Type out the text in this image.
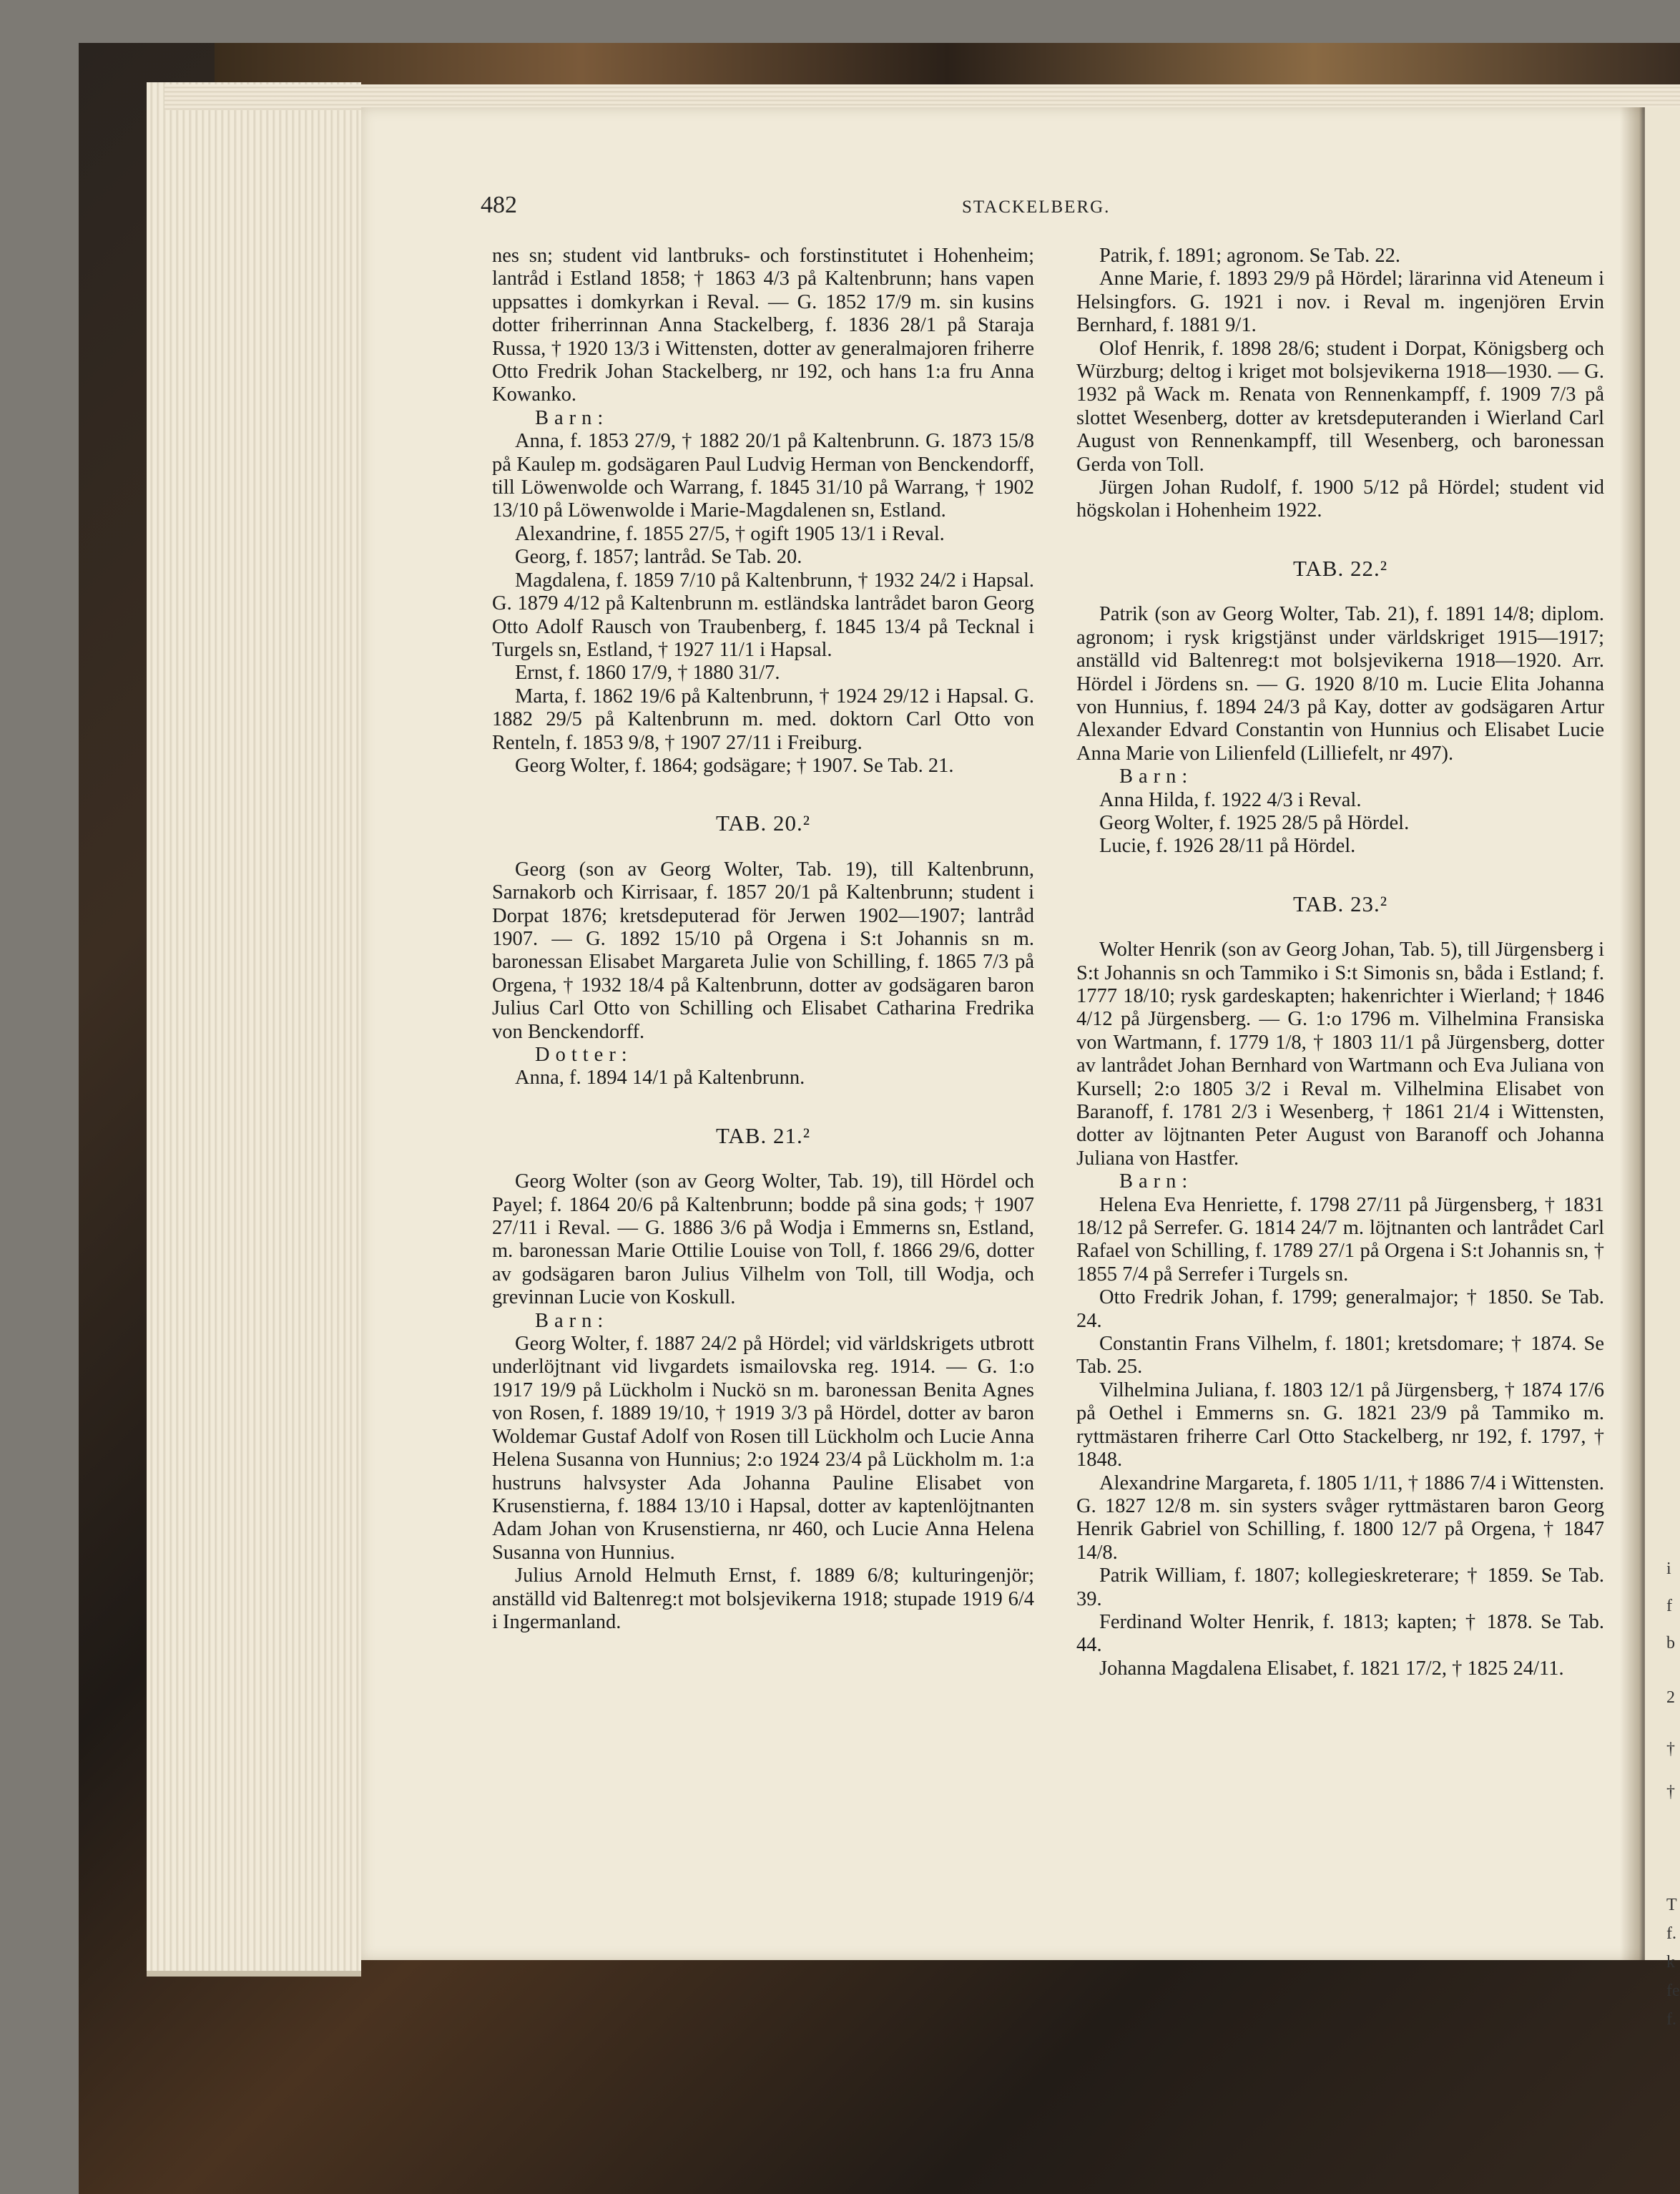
482	STACKELBERG.

nes sn; student vid lantbruks- och forstinstitutet i Hohenheim; lantråd i Estland 1858; † 1863 4/3 på Kaltenbrunn; hans vapen uppsattes i domkyrkan i Reval. — G. 1852 17/9 m. sin kusins dotter friherrinnan Anna Stackelberg, f. 1836 28/1 på Staraja Russa, † 1920 13/3 i Wittensten, dotter av generalmajoren friherre Otto Fredrik Johan Stackelberg, nr 192, och hans 1:a fru Anna Kowanko.

Barn:

Anna, f. 1853 27/9, † 1882 20/1 på Kaltenbrunn. G. 1873 15/8 på Kaulep m. godsägaren Paul Ludvig Herman von Benckendorff, till Löwenwolde och Warrang, f. 1845 31/10 på Warrang, † 1902 13/10 på Löwenwolde i Marie-Magdalenen sn, Estland.

Alexandrine, f. 1855 27/5, † ogift 1905 13/1 i Reval.

Georg, f. 1857; lantråd. Se Tab. 20.

Magdalena, f. 1859 7/10 på Kaltenbrunn, † 1932 24/2 i Hapsal. G. 1879 4/12 på Kaltenbrunn m. estländska lantrådet baron Georg Otto Adolf Rausch von Traubenberg, f. 1845 13/4 på Tecknal i Turgels sn, Estland, † 1927 11/1 i Hapsal.

Ernst, f. 1860 17/9, † 1880 31/7.

Marta, f. 1862 19/6 på Kaltenbrunn, † 1924 29/12 i Hapsal. G. 1882 29/5 på Kaltenbrunn m. med. doktorn Carl Otto von Renteln, f. 1853 9/8, † 1907 27/11 i Freiburg.

Georg Wolter, f. 1864; godsägare; † 1907. Se Tab. 21.

TAB. 20.²

Georg (son av Georg Wolter, Tab. 19), till Kaltenbrunn, Sarnakorb och Kirrisaar, f. 1857 20/1 på Kaltenbrunn; student i Dorpat 1876; kretsdeputerad för Jerwen 1902—1907; lantråd 1907. — G. 1892 15/10 på Orgena i S:t Johannis sn m. baronessan Elisabet Margareta Julie von Schilling, f. 1865 7/3 på Orgena, † 1932 18/4 på Kaltenbrunn, dotter av godsägaren baron Julius Carl Otto von Schilling och Elisabet Catharina Fredrika von Benckendorff.

Dotter:

Anna, f. 1894 14/1 på Kaltenbrunn.

TAB. 21.²

Georg Wolter (son av Georg Wolter, Tab. 19), till Hördel och Payel; f. 1864 20/6 på Kaltenbrunn; bodde på sina gods; † 1907 27/11 i Reval. — G. 1886 3/6 på Wodja i Emmerns sn, Estland, m. baronessan Marie Ottilie Louise von Toll, f. 1866 29/6, dotter av godsägaren baron Julius Vilhelm von Toll, till Wodja, och grevinnan Lucie von Koskull.

Barn:

Georg Wolter, f. 1887 24/2 på Hördel; vid världskrigets utbrott underlöjtnant vid livgardets ismailovska reg. 1914. — G. 1:o 1917 19/9 på Lückholm i Nuckö sn m. baronessan Benita Agnes von Rosen, f. 1889 19/10, † 1919 3/3 på Hördel, dotter av baron Woldemar Gustaf Adolf von Rosen till Lückholm och Lucie Anna Helena Susanna von Hunnius; 2:o 1924 23/4 på Lückholm m. 1:a hustruns halvsyster Ada Johanna Pauline Elisabet von Krusenstierna, f. 1884 13/10 i Hapsal, dotter av kaptenlöjtnanten Adam Johan von Krusenstierna, nr 460, och Lucie Anna Helena Susanna von Hunnius.

Julius Arnold Helmuth Ernst, f. 1889 6/8; kulturingenjör; anställd vid Baltenreg:t mot bolsjevikerna 1918; stupade 1919 6/4 i Ingermanland.

Patrik, f. 1891; agronom. Se Tab. 22.

Anne Marie, f. 1893 29/9 på Hördel; lärarinna vid Ateneum i Helsingfors. G. 1921 i nov. i Reval m. ingenjören Ervin Bernhard, f. 1881 9/1.

Olof Henrik, f. 1898 28/6; student i Dorpat, Königsberg och Würzburg; deltog i kriget mot bolsjevikerna 1918—1930. — G. 1932 på Wack m. Renata von Rennenkampff, f. 1909 7/3 på slottet Wesenberg, dotter av kretsdeputeranden i Wierland Carl August von Rennenkampff, till Wesenberg, och baronessan Gerda von Toll.

Jürgen Johan Rudolf, f. 1900 5/12 på Hördel; student vid högskolan i Hohenheim 1922.

TAB. 22.²

Patrik (son av Georg Wolter, Tab. 21), f. 1891 14/8; diplom. agronom; i rysk krigstjänst under världskriget 1915—1917; anställd vid Baltenreg:t mot bolsjevikerna 1918—1920. Arr. Hördel i Jördens sn. — G. 1920 8/10 m. Lucie Elita Johanna von Hunnius, f. 1894 24/3 på Kay, dotter av godsägaren Artur Alexander Edvard Constantin von Hunnius och Elisabet Lucie Anna Marie von Lilienfeld (Lilliefelt, nr 497).

Barn:

Anna Hilda, f. 1922 4/3 i Reval.

Georg Wolter, f. 1925 28/5 på Hördel.

Lucie, f. 1926 28/11 på Hördel.

TAB. 23.²

Wolter Henrik (son av Georg Johan, Tab. 5), till Jürgensberg i S:t Johannis sn och Tammiko i S:t Simonis sn, båda i Estland; f. 1777 18/10; rysk gardeskapten; hakenrichter i Wierland; † 1846 4/12 på Jürgensberg. — G. 1:o 1796 m. Vilhelmina Fransiska von Wartmann, f. 1779 1/8, † 1803 11/1 på Jürgensberg, dotter av lantrådet Johan Bernhard von Wartmann och Eva Juliana von Kursell; 2:o 1805 3/2 i Reval m. Vilhelmina Elisabet von Baranoff, f. 1781 2/3 i Wesenberg, † 1861 21/4 i Wittensten, dotter av löjtnanten Peter August von Baranoff och Johanna Juliana von Hastfer.

Barn:

Helena Eva Henriette, f. 1798 27/11 på Jürgensberg, † 1831 18/12 på Serrefer. G. 1814 24/7 m. löjtnanten och lantrådet Carl Rafael von Schilling, f. 1789 27/1 på Orgena i S:t Johannis sn, † 1855 7/4 på Serrefer i Turgels sn.

Otto Fredrik Johan, f. 1799; generalmajor; † 1850. Se Tab. 24.

Constantin Frans Vilhelm, f. 1801; kretsdomare; † 1874. Se Tab. 25.

Vilhelmina Juliana, f. 1803 12/1 på Jürgensberg, † 1874 17/6 på Oethel i Emmerns sn. G. 1821 23/9 på Tammiko m. ryttmästaren friherre Carl Otto Stackelberg, nr 192, f. 1797, † 1848.

Alexandrine Margareta, f. 1805 1/11, † 1886 7/4 i Wittensten. G. 1827 12/8 m. sin systers svåger ryttmästaren baron Georg Henrik Gabriel von Schilling, f. 1800 12/7 på Orgena, † 1847 14/8.

Patrik William, f. 1807; kollegieskreterare; † 1859. Se Tab. 39.

Ferdinand Wolter Henrik, f. 1813; kapten; † 1878. Se Tab. 44.

Johanna Magdalena Elisabet, f. 1821 17/2, † 1825 24/11.

i
f
b
2
†
†
T
f.
k
fe
f.
